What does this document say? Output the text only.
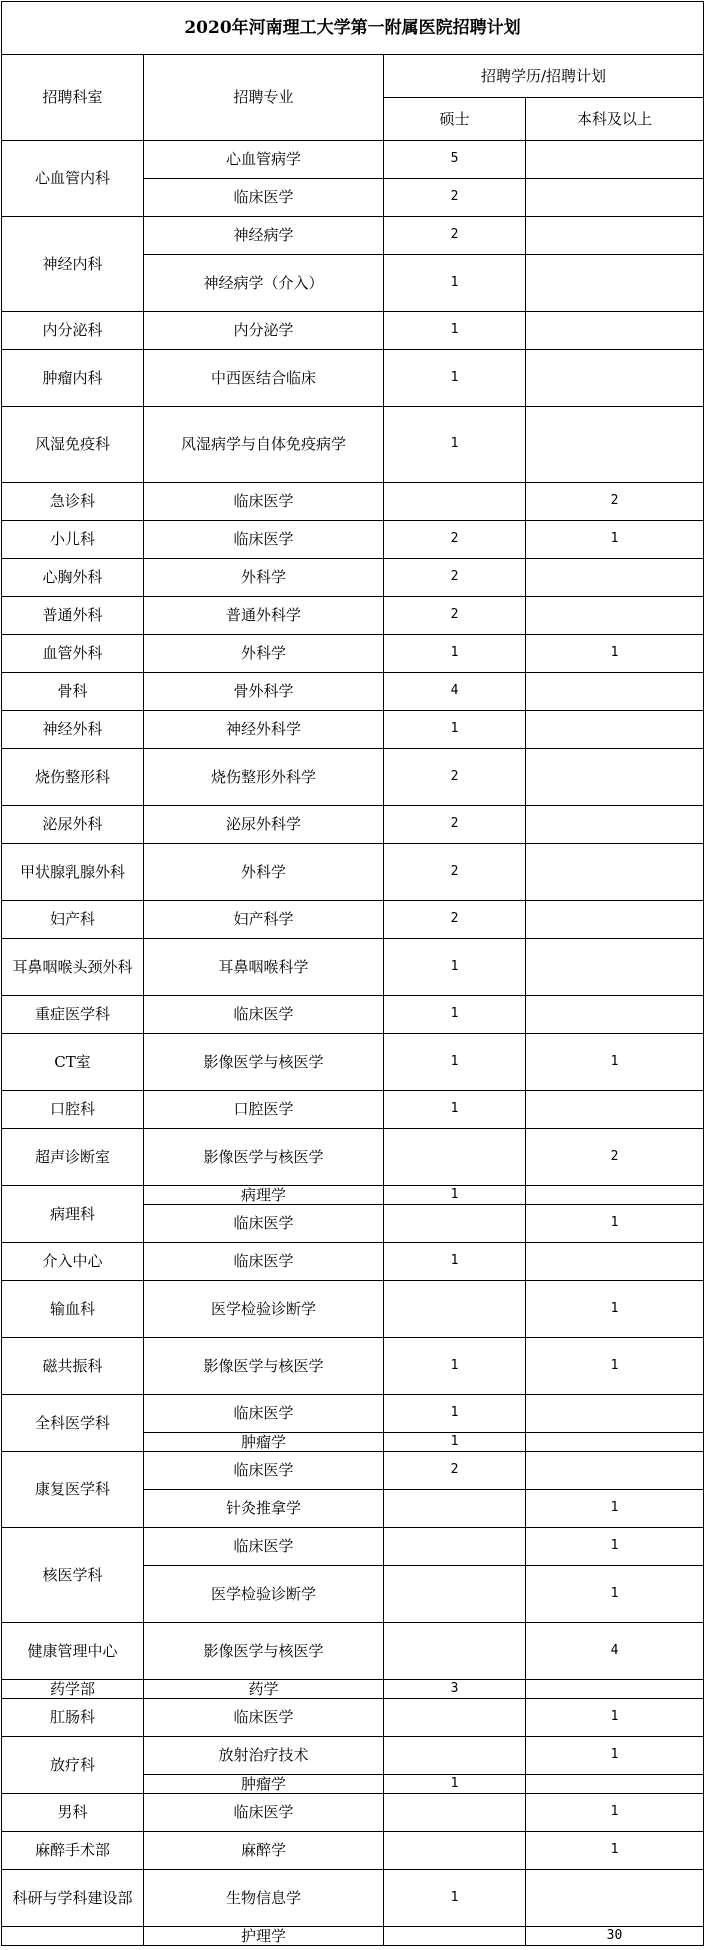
2020年河南理工大学第一附属医院招聘计划			
招聘科室	招聘专业	招聘学历/招聘计划	
		硕士	本科及以上
心血管内科	心血管病学	5	
	临床医学	2	
神经内科	神经病学	2	
	神经病学（介入）	1	
内分泌科	内分泌学	1	
肿瘤内科	中西医结合临床	1	
风湿免疫科	风湿病学与自体免疫病学	1	
急诊科	临床医学		2
小儿科	临床医学	2	1
心胸外科	外科学	2	
普通外科	普通外科学	2	
血管外科	外科学	1	1
骨科	骨外科学	4	
神经外科	神经外科学	1	
烧伤整形科	烧伤整形外科学	2	
泌尿外科	泌尿外科学	2	
甲状腺乳腺外科	外科学	2	
妇产科	妇产科学	2	
耳鼻咽喉头颈外科	耳鼻咽喉科学	1	
重症医学科	临床医学	1	
CT室	影像医学与核医学	1	1
口腔科	口腔医学	1	
超声诊断室	影像医学与核医学		2
病理科	病理学	1	
	临床医学		1
介入中心	临床医学	1	
输血科	医学检验诊断学		1
磁共振科	影像医学与核医学	1	1
全科医学科	临床医学	1	
	肿瘤学	1	
康复医学科	临床医学	2	
	针灸推拿学		1
核医学科	临床医学		1
	医学检验诊断学		1
健康管理中心	影像医学与核医学		4
药学部	药学	3	
肛肠科	临床医学		1
放疗科	放射治疗技术		1
	肿瘤学	1	
男科	临床医学		1
麻醉手术部	麻醉学		1
科研与学科建设部	生物信息学	1	
	护理学		30
